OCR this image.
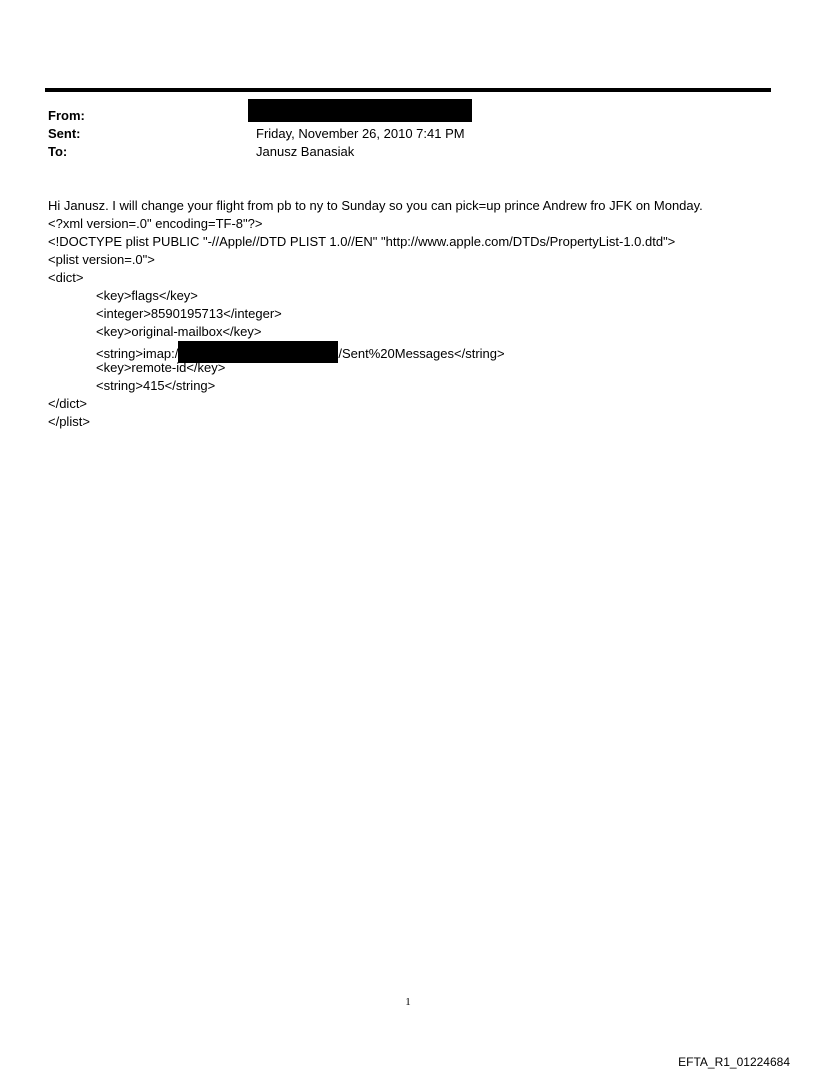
From:
Sent:	Friday, November 26, 2010 7:41 PM
To:	Janusz Banasiak
Hi Janusz. I will change your flight from pb to ny to Sunday so you can pick=up prince Andrew fro JFK on Monday.
<?xml version=.0" encoding=TF-8"?>
<!DOCTYPE plist PUBLIC "-//Apple//DTD PLIST 1.0//EN" "http://www.apple.com/DTDs/PropertyList-1.0.dtd">
<plist version=.0">
<dict>
<key>flags</key>
<integer>8590195713</integer>
<key>original-mailbox</key>
<string>imap:/	/Sent%20Messages</string>
<key>remote-id</key>
<string>415</string>
</dict>
</plist>
1
EFTA_R1_01224684
